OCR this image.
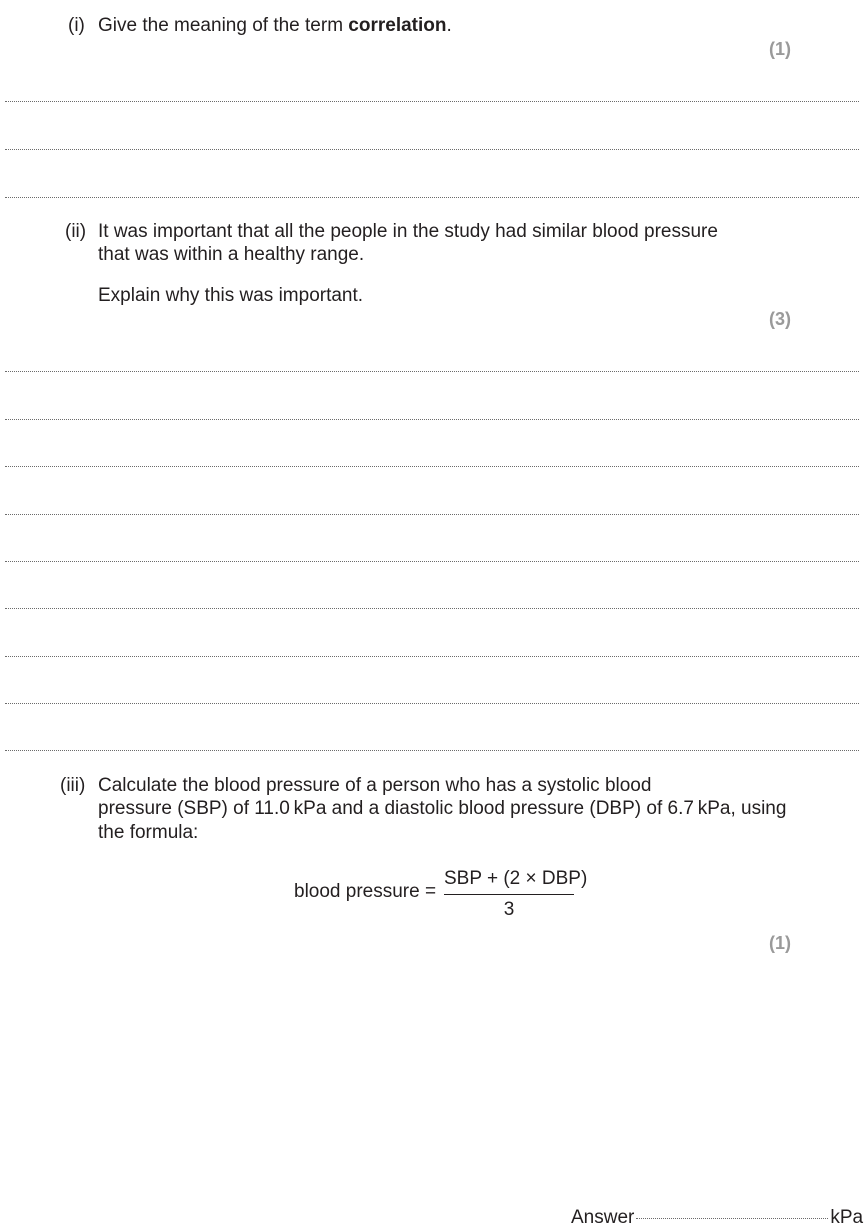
(i) Give the meaning of the term correlation.
(1)
(ii) It was important that all the people in the study had similar blood pressure
that was within a healthy range.
Explain why this was important.
(3)
(iii) Calculate the blood pressure of a person who has a systolic blood
pressure (SBP) of 11.0 kPa and a diastolic blood pressure (DBP) of 6.7 kPa, using
the formula:
blood pressure =
SBP + (2 × DBP)
3
(1)
Answer	kPa
